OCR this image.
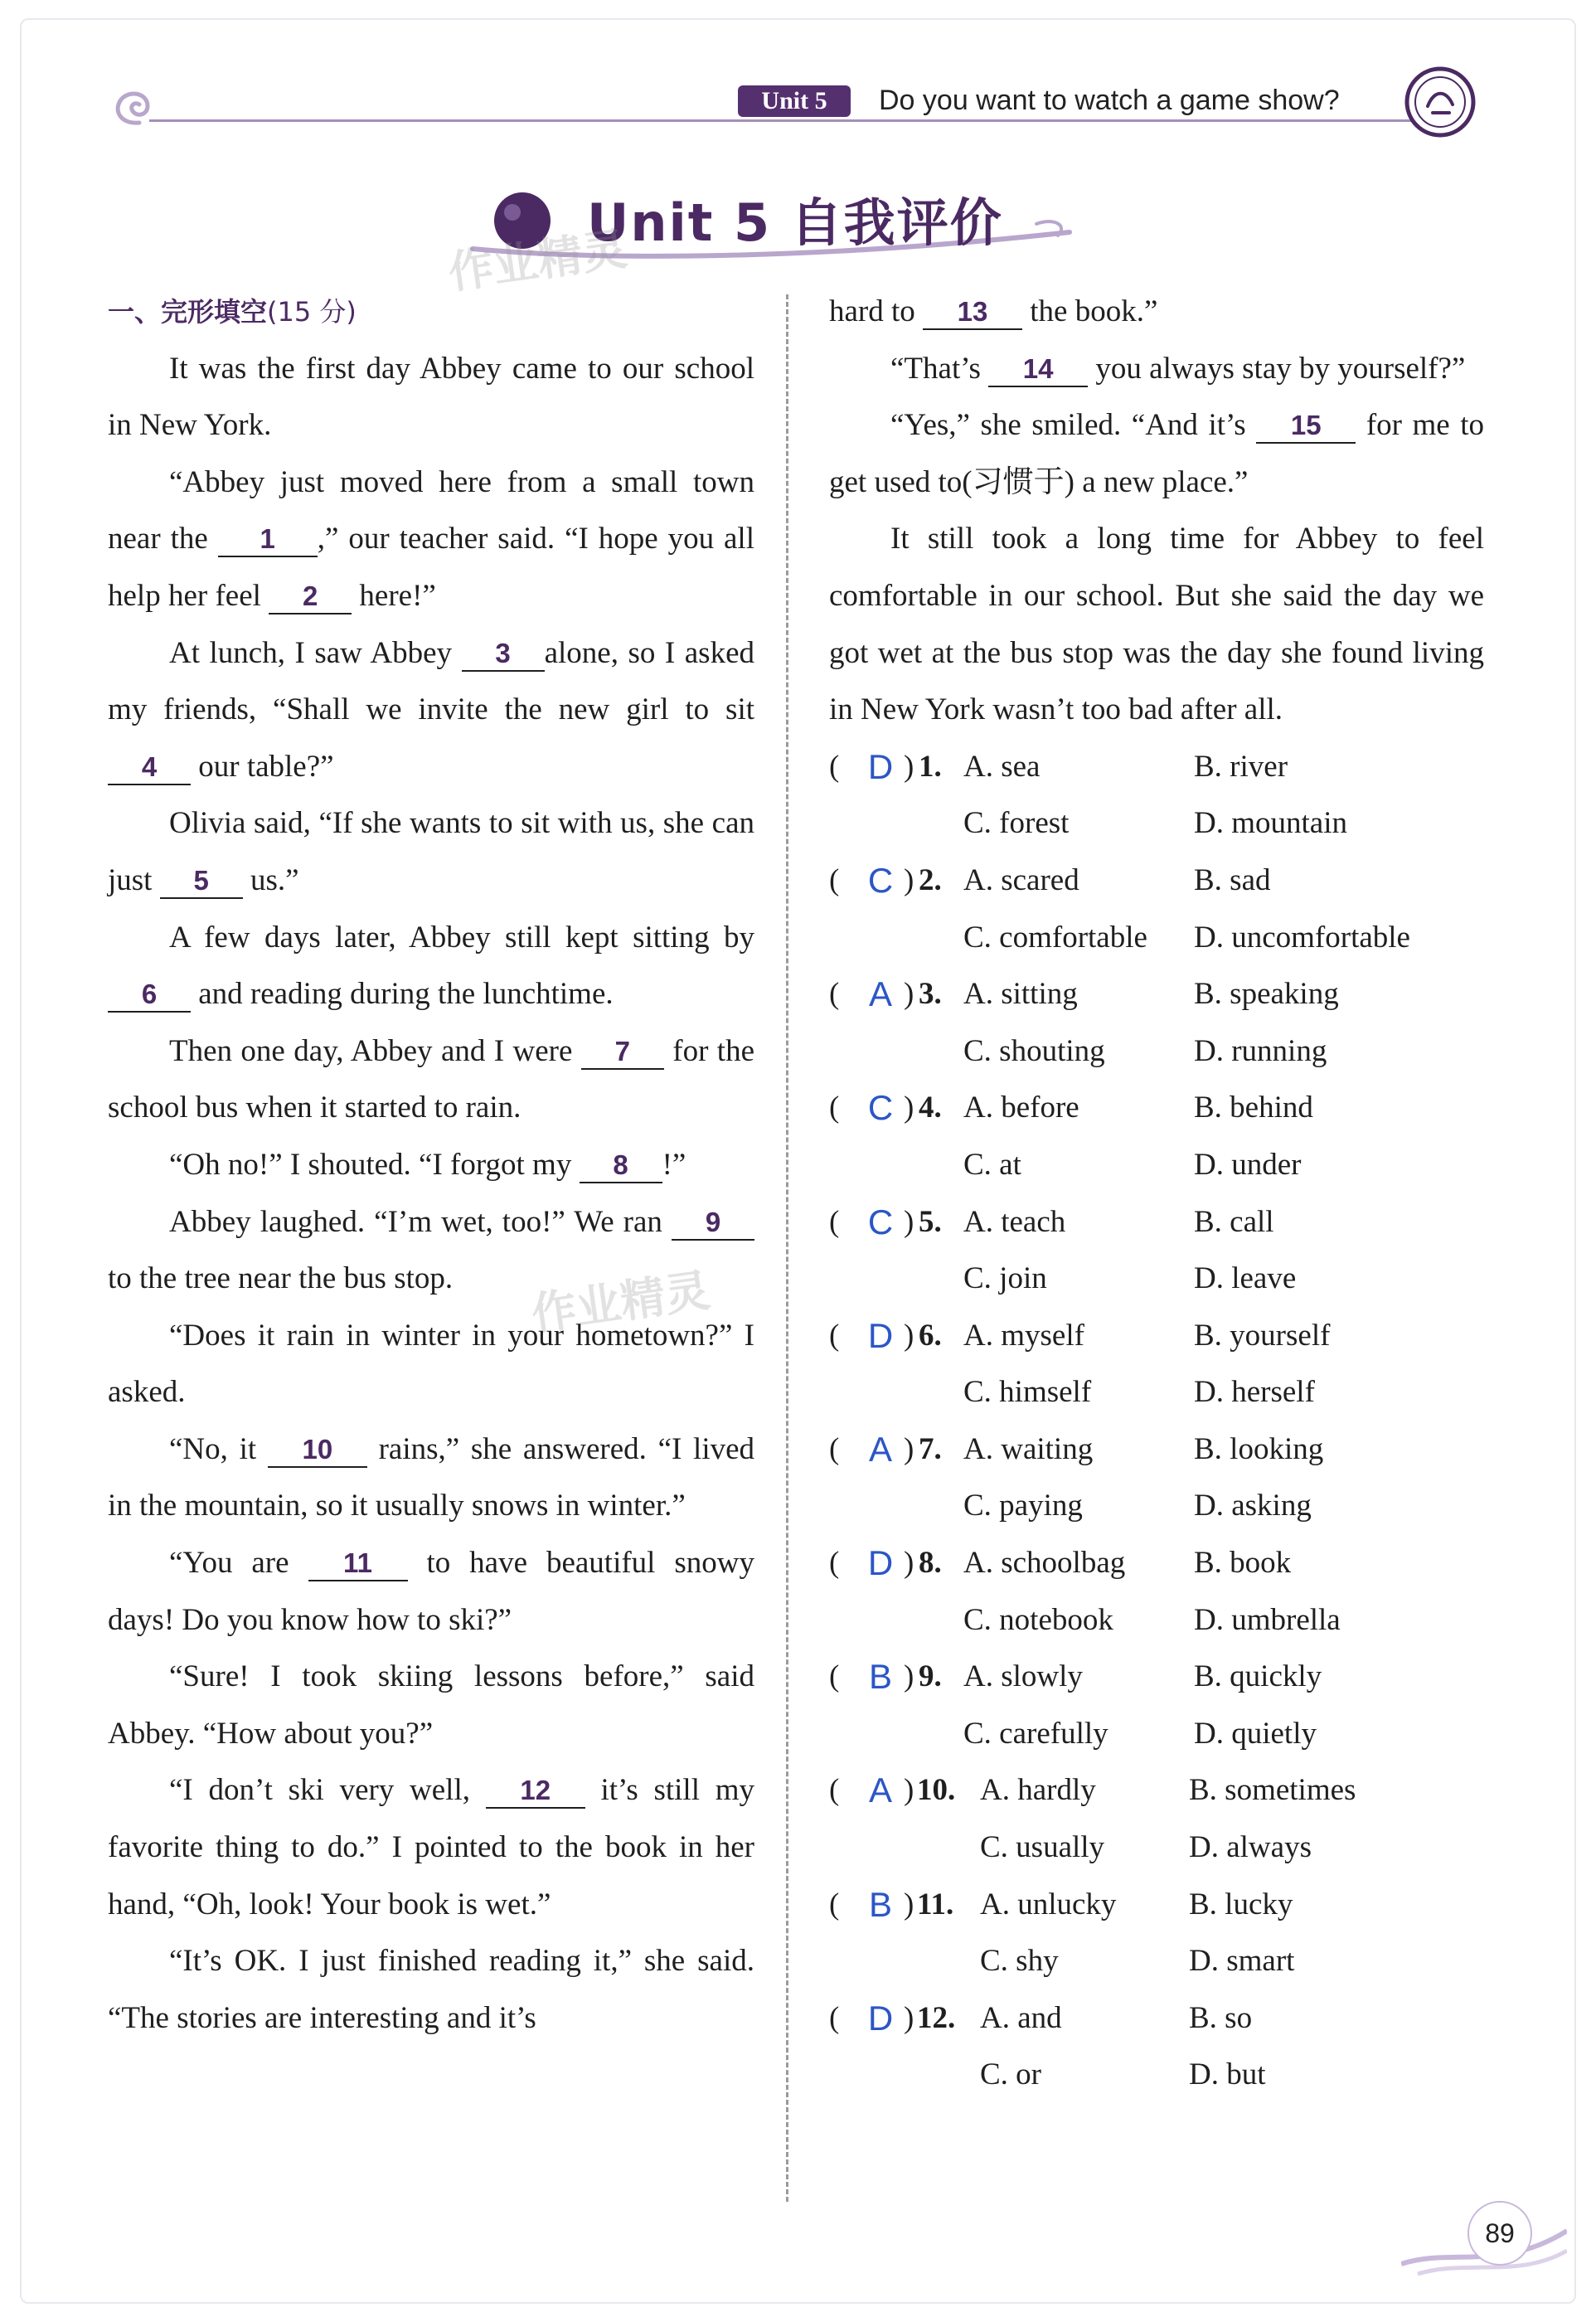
Unit 5	Do you want to watch a game show?
Unit 5 自我评价
作业精灵
作业精灵
一、完形填空(15 分)

It was the first day Abbey came to our school in New York.

“Abbey just moved here from a small town near the 1 ,” our teacher said. “I hope you all help her feel 2 here!”

At lunch, I saw Abbey 3 alone, so I asked my friends, “Shall we invite the new girl to sit 4 our table?”

Olivia said, “If she wants to sit with us, she can just 5 us.”

A few days later, Abbey still kept sitting by 6 and reading during the lunchtime.

Then one day, Abbey and I were 7 for the school bus when it started to rain.

“Oh no!” I shouted. “I forgot my 8 !”

Abbey laughed. “I’m wet, too!” We ran 9 to the tree near the bus stop.

“Does it rain in winter in your hometown?” I asked.

“No, it 10 rains,” she answered. “I lived in the mountain, so it usually snows in winter.”

“You are 11 to have beautiful snowy days! Do you know how to ski?”

“Sure! I took skiing lessons before,” said Abbey. “How about you?”

“I don’t ski very well, 12 it’s still my favorite thing to do.” I pointed to the book in her hand, “Oh, look! Your book is wet.”

“It’s OK. I just finished reading it,” she said. “The stories are interesting and it’s

hard to 13 the book.”

“That’s 14 you always stay by yourself?”

“Yes,” she smiled. “And it’s 15 for me to get used to(习惯于) a new place.”

It still took a long time for Abbey to feel comfortable in our school. But she said the day we got wet at the bus stop was the day she found living in New York wasn’t too bad after all.

( D ) 1. A. sea	B. river
C. forest	D. mountain
( C ) 2. A. scared	B. sad
C. comfortable D. uncomfortable
( A ) 3. A. sitting	B. speaking
C. shouting	D. running
( C ) 4. A. before	B. behind
C. at	D. under
( C ) 5. A. teach	B. call
C. join	D. leave
( D ) 6. A. myself	B. yourself
C. himself	D. herself
( A ) 7. A. waiting	B. looking
C. paying	D. asking
( D ) 8. A. schoolbag B. book
C. notebook	D. umbrella
( B ) 9. A. slowly	B. quickly
C. carefully	D. quietly
( A ) 10. A. hardly	B. sometimes
C. usually	D. always
( B ) 11. A. unlucky B. lucky
C. shy	D. smart
( D ) 12. A. and	B. so
C. or	D. but
89
